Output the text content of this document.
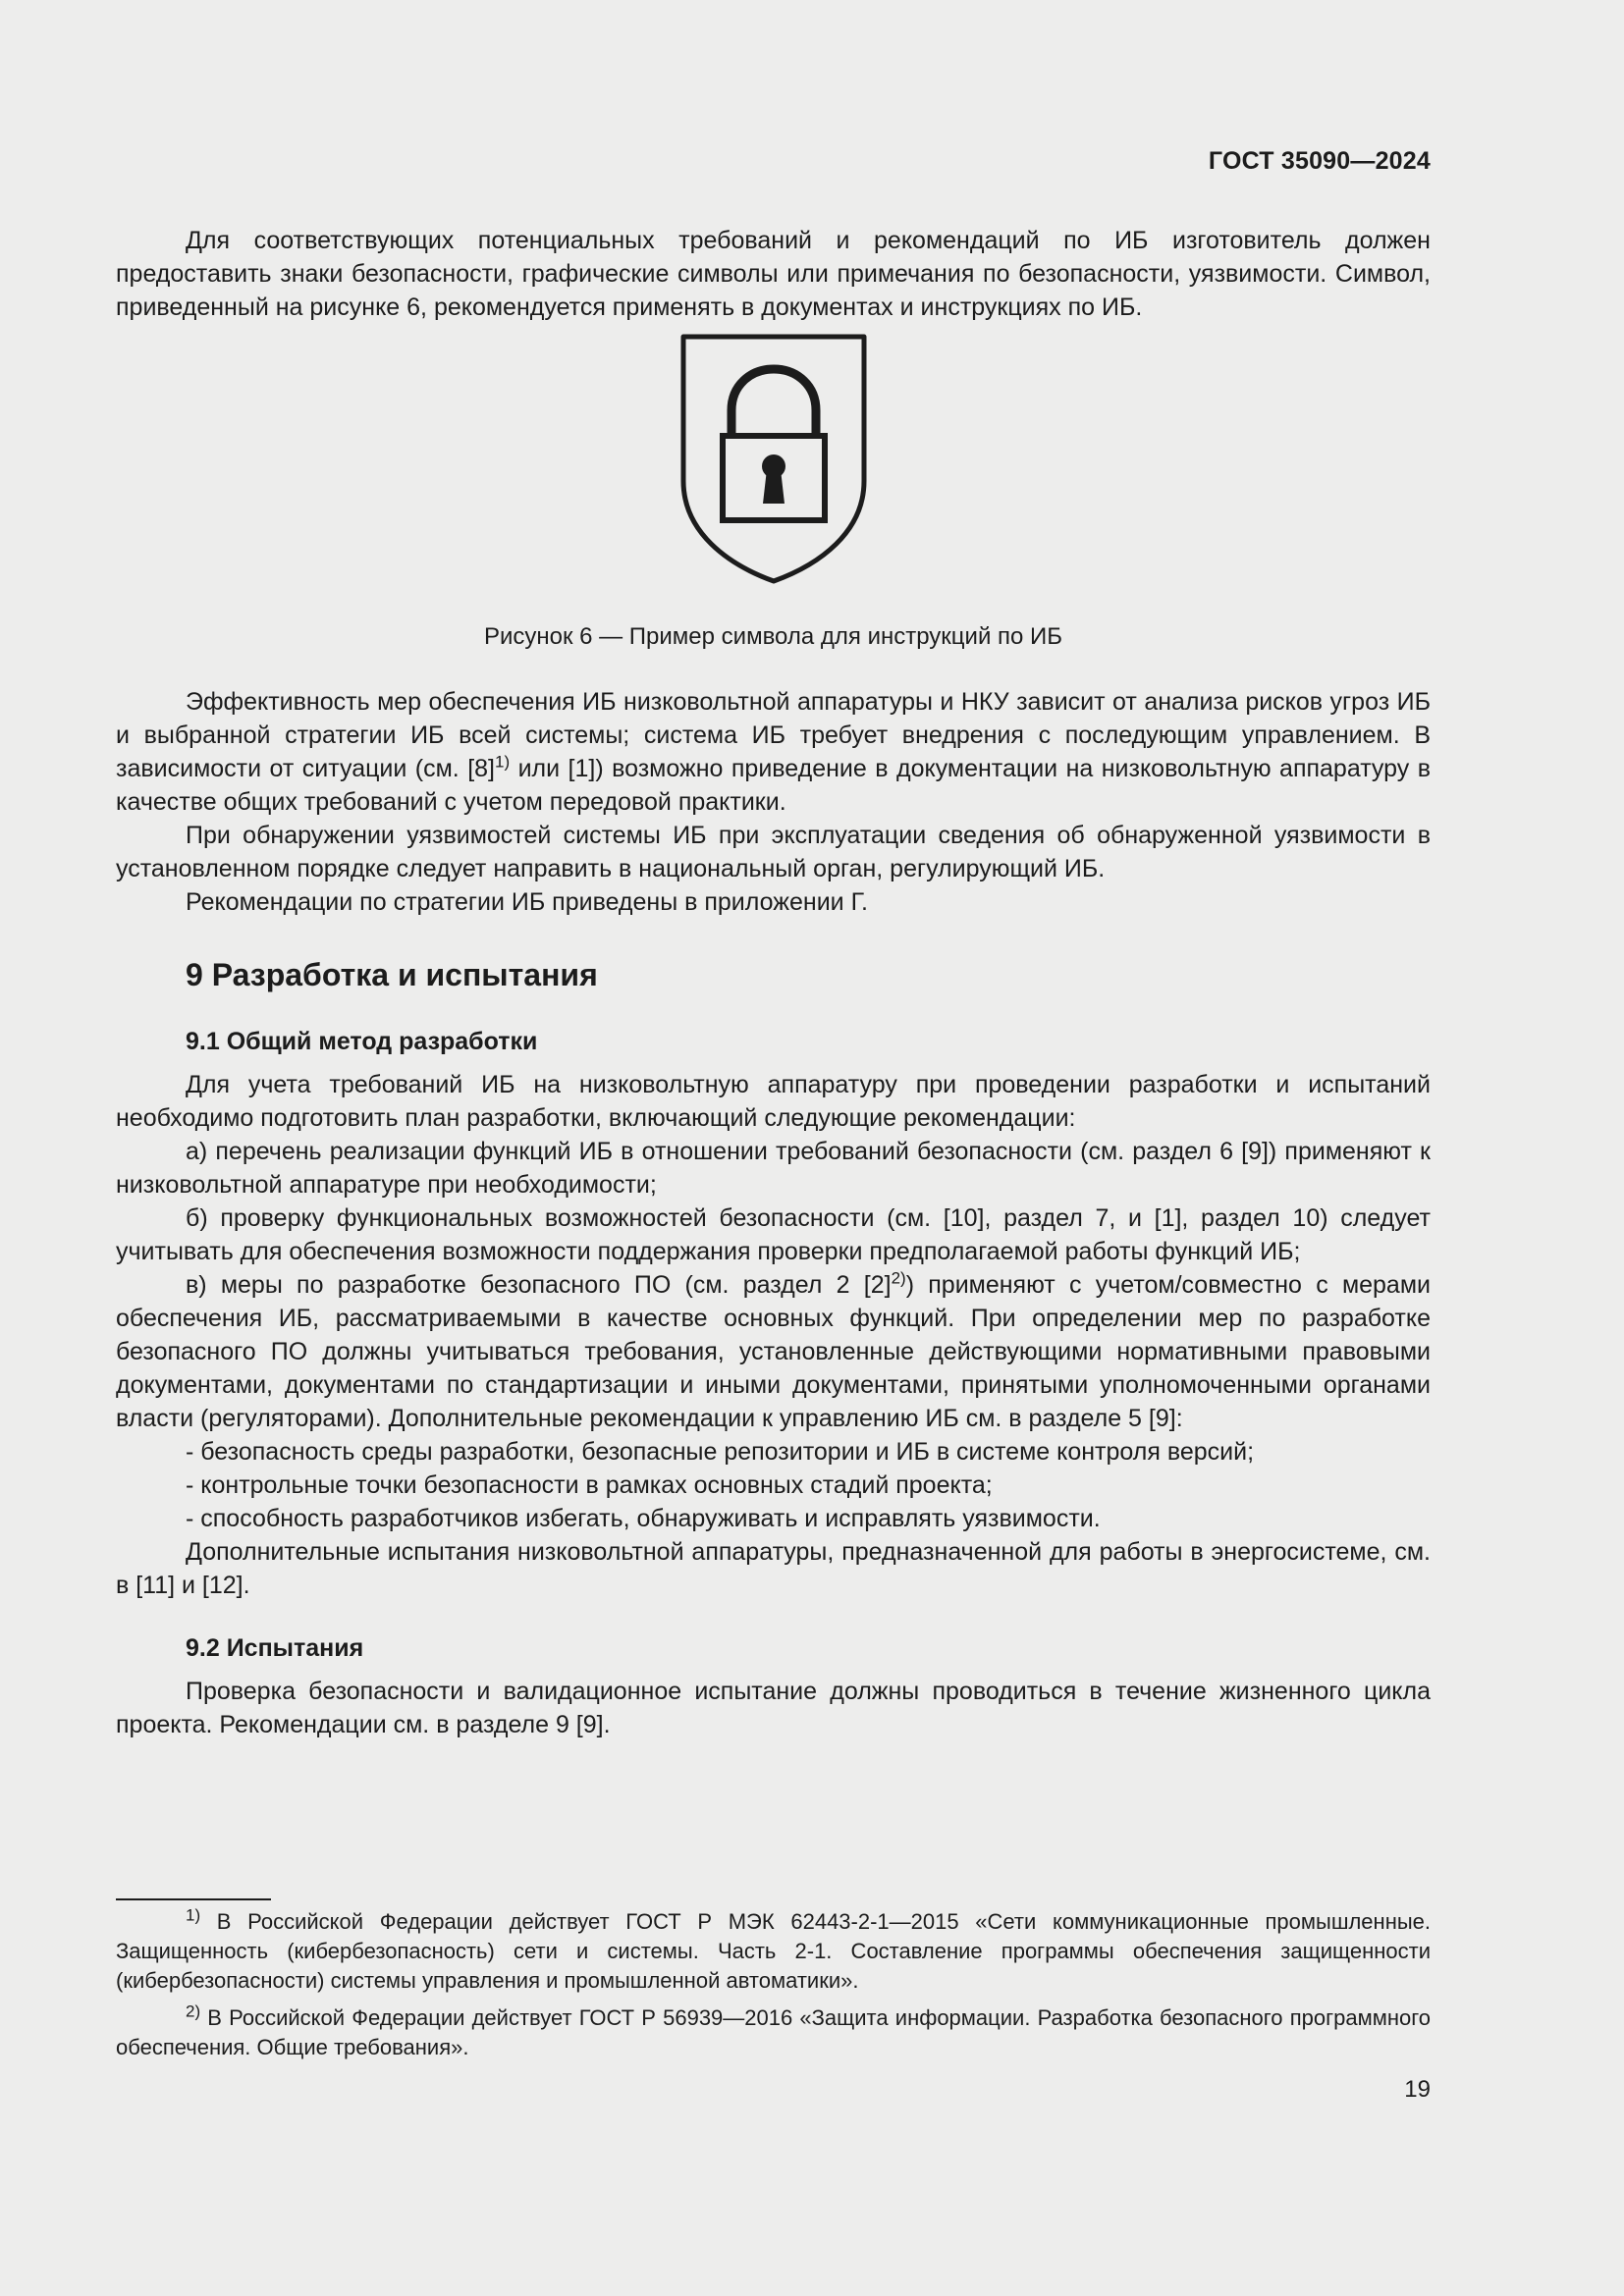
ГОСТ 35090—2024

Для соответствующих потенциальных требований и рекомендаций по ИБ изготовитель должен предоставить знаки безопасности, графические символы или примечания по безопасности, уязвимости. Символ, приведенный на рисунке 6, рекомендуется применять в документах и инструкциях по ИБ.

Рисунок 6 — Пример символа для инструкций по ИБ

Эффективность мер обеспечения ИБ низковольтной аппаратуры и НКУ зависит от анализа рисков угроз ИБ и выбранной стратегии ИБ всей системы; система ИБ требует внедрения с последующим управлением. В зависимости от ситуации (см. $[8]^{1)}$ или [1]) возможно приведение в документации на низковольтную аппаратуру в качестве общих требований с учетом передовой практики.

При обнаружении уязвимостей системы ИБ при эксплуатации сведения об обнаруженной уязвимости в установленном порядке следует направить в национальный орган, регулирующий ИБ.

Рекомендации по стратегии ИБ приведены в приложении Г.

9 Разработка и испытания
9.1 Общий метод разработки

Для учета требований ИБ на низковольтную аппаратуру при проведении разработки и испытаний необходимо подготовить план разработки, включающий следующие рекомендации:

а) перечень реализации функций ИБ в отношении требований безопасности (см. раздел 6 [9]) применяют к низковольтной аппаратуре при необходимости;

б) проверку функциональных возможностей безопасности (см. [10], раздел 7, и [1], раздел 10) следует учитывать для обеспечения возможности поддержания проверки предполагаемой работы функций ИБ;

в) меры по разработке безопасного ПО (см. раздел 2 $[2]^{2)}$) применяют с учетом/совместно с мерами обеспечения ИБ, рассматриваемыми в качестве основных функций. При определении мер по разработке безопасного ПО должны учитываться требования, установленные действующими нормативными правовыми документами, документами по стандартизации и иными документами, принятыми уполномоченными органами власти (регуляторами). Дополнительные рекомендации к управлению ИБ см. в разделе 5 [9]:

- безопасность среды разработки, безопасные репозитории и ИБ в системе контроля версий;

- контрольные точки безопасности в рамках основных стадий проекта;

- способность разработчиков избегать, обнаруживать и исправлять уязвимости.

Дополнительные испытания низковольтной аппаратуры, предназначенной для работы в энергосистеме, см. в [11] и [12].

9.2 Испытания

Проверка безопасности и валидационное испытание должны проводиться в течение жизненного цикла проекта. Рекомендации см. в разделе 9 [9].

$^{1)}$ В Российской Федерации действует ГОСТ Р МЭК 62443-2-1—2015 «Сети коммуникационные промышленные. Защищенность (кибербезопасность) сети и системы. Часть 2-1. Составление программы обеспечения защищенности (кибербезопасности) системы управления и промышленной автоматики».

$^{2)}$ В Российской Федерации действует ГОСТ Р 56939—2016 «Защита информации. Разработка безопасного программного обеспечения. Общие требования».

19
